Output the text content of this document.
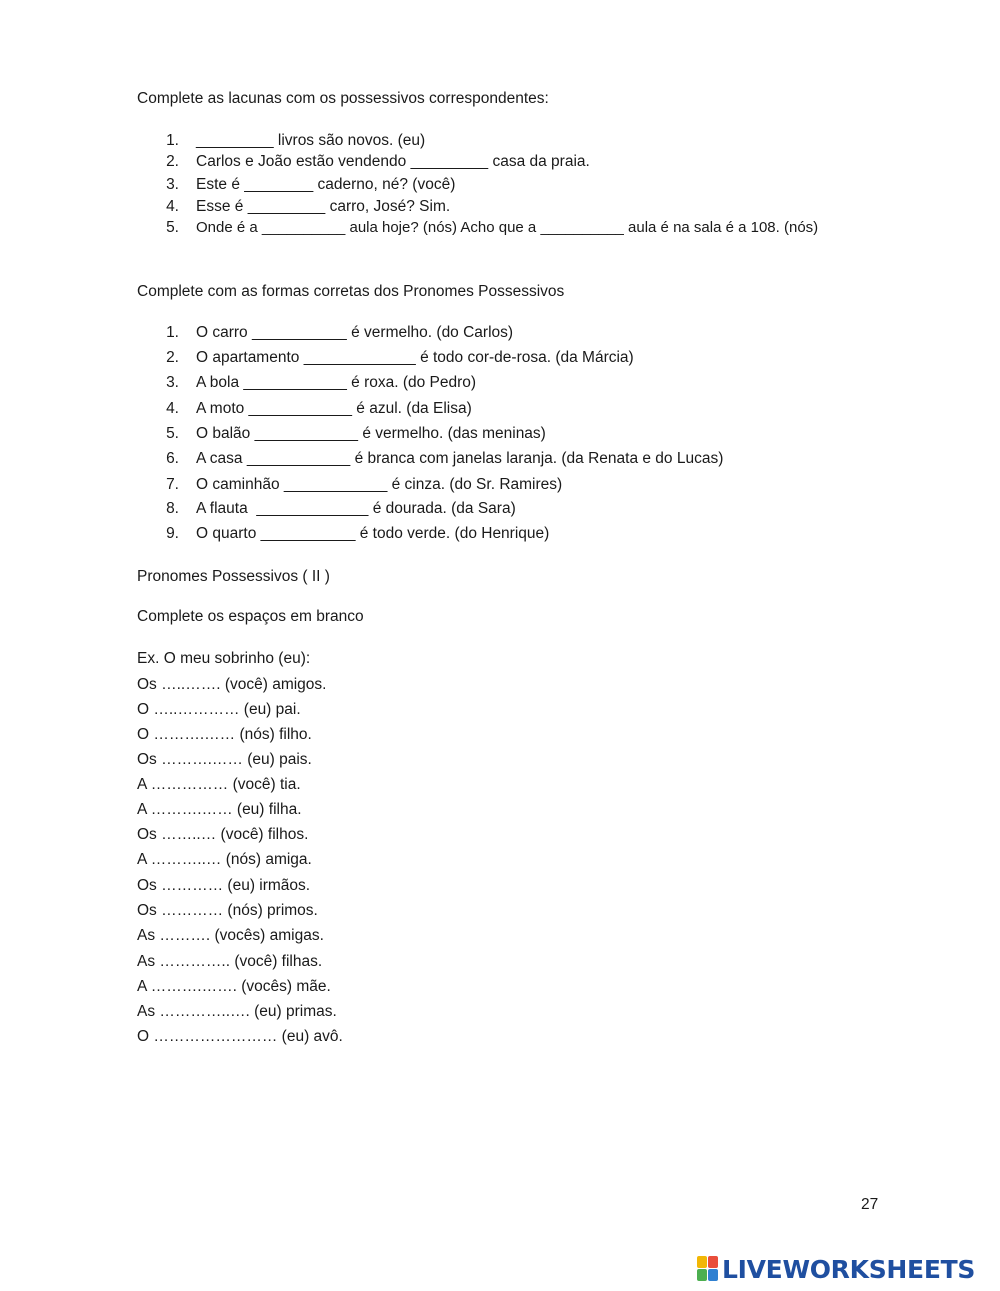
Complete as lacunas com os possessivos correspondentes:
1. _________ livros são novos. (eu)
2. Carlos e João estão vendendo _________ casa da praia.
3. Este é ________ caderno, né? (você)
4. Esse é _________ carro, José? Sim.
5. Onde é a __________ aula hoje? (nós) Acho que a __________ aula é na sala é a 108. (nós)
Complete com as formas corretas dos Pronomes Possessivos
1. O carro ___________ é vermelho. (do Carlos)
2. O apartamento _____________ é todo cor-de-rosa. (da Márcia)
3. A bola ____________ é roxa. (do Pedro)
4. A moto ____________ é azul. (da Elisa)
5. O balão ____________ é vermelho. (das meninas)
6. A casa ____________ é branca com janelas laranja. (da Renata e do Lucas)
7. O caminhão ____________ é cinza. (do Sr. Ramires)
8. A flauta  _____________ é dourada. (da Sara)
9. O quarto ___________ é todo verde. (do Henrique)
Pronomes Possessivos ( II )
Complete os espaços em branco
Ex. O meu sobrinho (eu):
Os …..……. (você) amigos.
O …..………… (eu) pai.
O ……….…… (nós) filho.
Os ……….…… (eu) pais.
A …………… (você) tia.
A ……….…… (eu) filha.
Os ……..… (você) filhos.
A ………..… (nós) amiga.
Os ………… (eu) irmãos.
Os ………… (nós) primos.
As ………. (vocês) amigas.
As ………….. (você) filhas.
A ……….……. (vocês) mãe.
As …………..…. (eu) primas.
O …………………… (eu) avô.
27
LIVEWORKSHEETS
